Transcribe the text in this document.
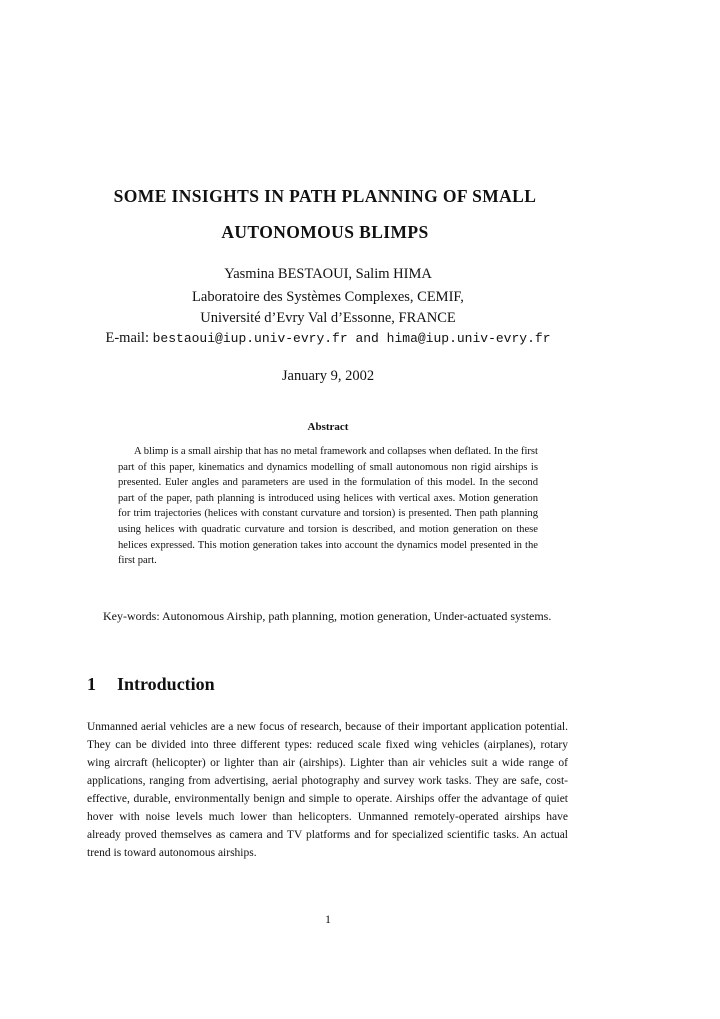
SOME INSIGHTS IN PATH PLANNING OF SMALL
AUTONOMOUS BLIMPS
Yasmina BESTAOUI, Salim HIMA
Laboratoire des Systèmes Complexes, CEMIF,
Université d’Evry Val d’Essonne, FRANCE
E-mail: bestaoui@iup.univ-evry.fr and hima@iup.univ-evry.fr
January 9, 2002
Abstract
A blimp is a small airship that has no metal framework and collapses when deflated. In the first part of this paper, kinematics and dynamics modelling of small autonomous non rigid airships is presented. Euler angles and parameters are used in the formulation of this model. In the second part of the paper, path planning is introduced using helices with vertical axes. Motion generation for trim trajectories (helices with constant curvature and torsion) is presented. Then path planning using helices with quadratic curvature and torsion is described, and motion generation on these helices expressed. This motion generation takes into account the dynamics model presented in the first part.
Key-words: Autonomous Airship, path planning, motion generation, Under-actuated systems.
1 Introduction
Unmanned aerial vehicles are a new focus of research, because of their important application potential. They can be divided into three different types: reduced scale fixed wing vehicles (airplanes), rotary wing aircraft (helicopter) or lighter than air (airships). Lighter than air vehicles suit a wide range of applications, ranging from advertising, aerial photography and survey work tasks. They are safe, cost-effective, durable, environmentally benign and simple to operate. Airships offer the advantage of quiet hover with noise levels much lower than helicopters. Unmanned remotely-operated airships have already proved themselves as camera and TV platforms and for specialized scientific tasks. An actual trend is toward autonomous airships.
1
